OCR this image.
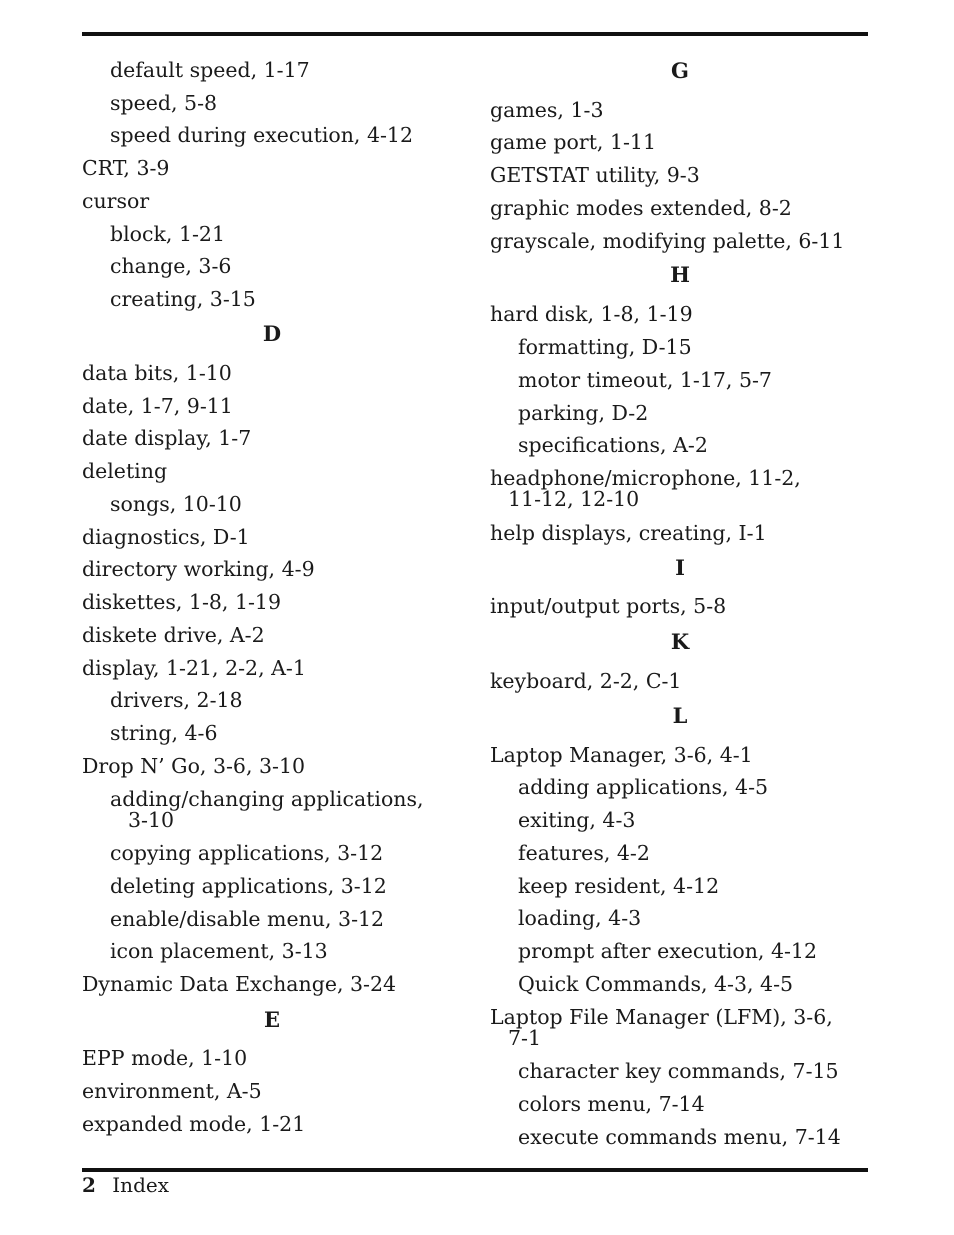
default speed, 1-17
speed, 5-8
speed during execution, 4-12
CRT, 3-9
cursor
block, 1-21
change, 3-6
creating, 3-15
D
data bits, 1-10
date, 1-7, 9-11
date display, 1-7
deleting
songs, 10-10
diagnostics, D-1
directory working, 4-9
diskettes, 1-8, 1-19
diskete drive, A-2
display, 1-21, 2-2, A-1
drivers, 2-18
string, 4-6
Drop N’ Go, 3-6, 3-10
adding/changing applications,
3-10
copying applications, 3-12
deleting applications, 3-12
enable/disable menu, 3-12
icon placement, 3-13
Dynamic Data Exchange, 3-24
E
EPP mode, 1-10
environment, A-5
expanded mode, 1-21
G
games, 1-3
game port, 1-11
GETSTAT utility, 9-3
graphic modes extended, 8-2
grayscale, modifying palette, 6-11
H
hard disk, 1-8, 1-19
formatting, D-15
motor timeout, 1-17, 5-7
parking, D-2
specifications, A-2
headphone/microphone, 11-2,
11-12, 12-10
help displays, creating, I-1
I
input/output ports, 5-8
K
keyboard, 2-2, C-1
L
Laptop Manager, 3-6, 4-1
adding applications, 4-5
exiting, 4-3
features, 4-2
keep resident, 4-12
loading, 4-3
prompt after execution, 4-12
Quick Commands, 4-3, 4-5
Laptop File Manager (LFM), 3-6,
7-1
character key commands, 7-15
colors menu, 7-14
execute commands menu, 7-14
2 Index
